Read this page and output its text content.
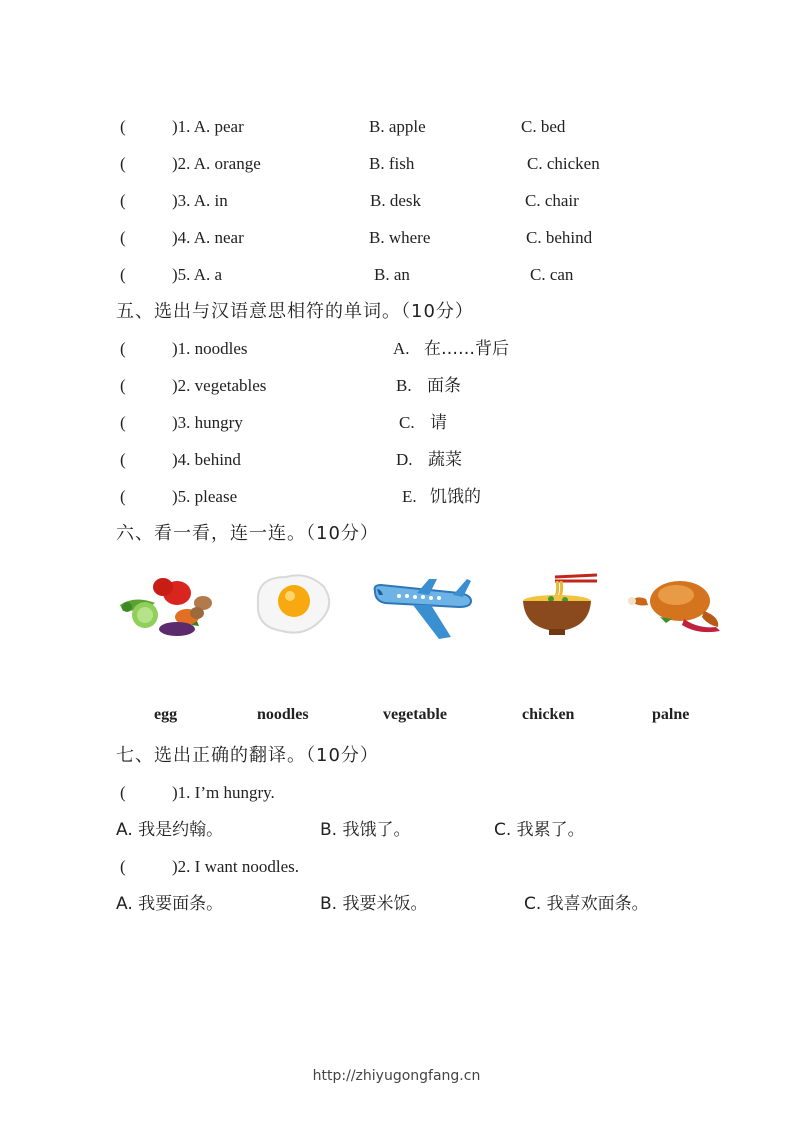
(	)1. A. pear	B. apple	C. bed
(	)2. A. orange	B. fish	C. chicken
(	)3. A. in	B. desk	C. chair
(	)4. A. near	B. where	C. behind
(	)5. A. a	B. an	C. can
五、选出与汉语意思相符的单词。（10分）
(	)1. noodles	A. 在……背后
(	)2. vegetables	B. 面条
(	)3. hungry	C. 请
(	)4. behind	D. 蔬菜
(	)5. please	E. 饥饿的
六、看一看，连一连。（10分）
egg	noodles	vegetable	chicken	palne
七、选出正确的翻译。（10分）
(	)1. I’m hungry.
A. 我是约翰。	B. 我饿了。	C. 我累了。
(	)2. I want noodles.
A. 我要面条。	B. 我要米饭。	C. 我喜欢面条。
http://zhiyugongfang.cn
